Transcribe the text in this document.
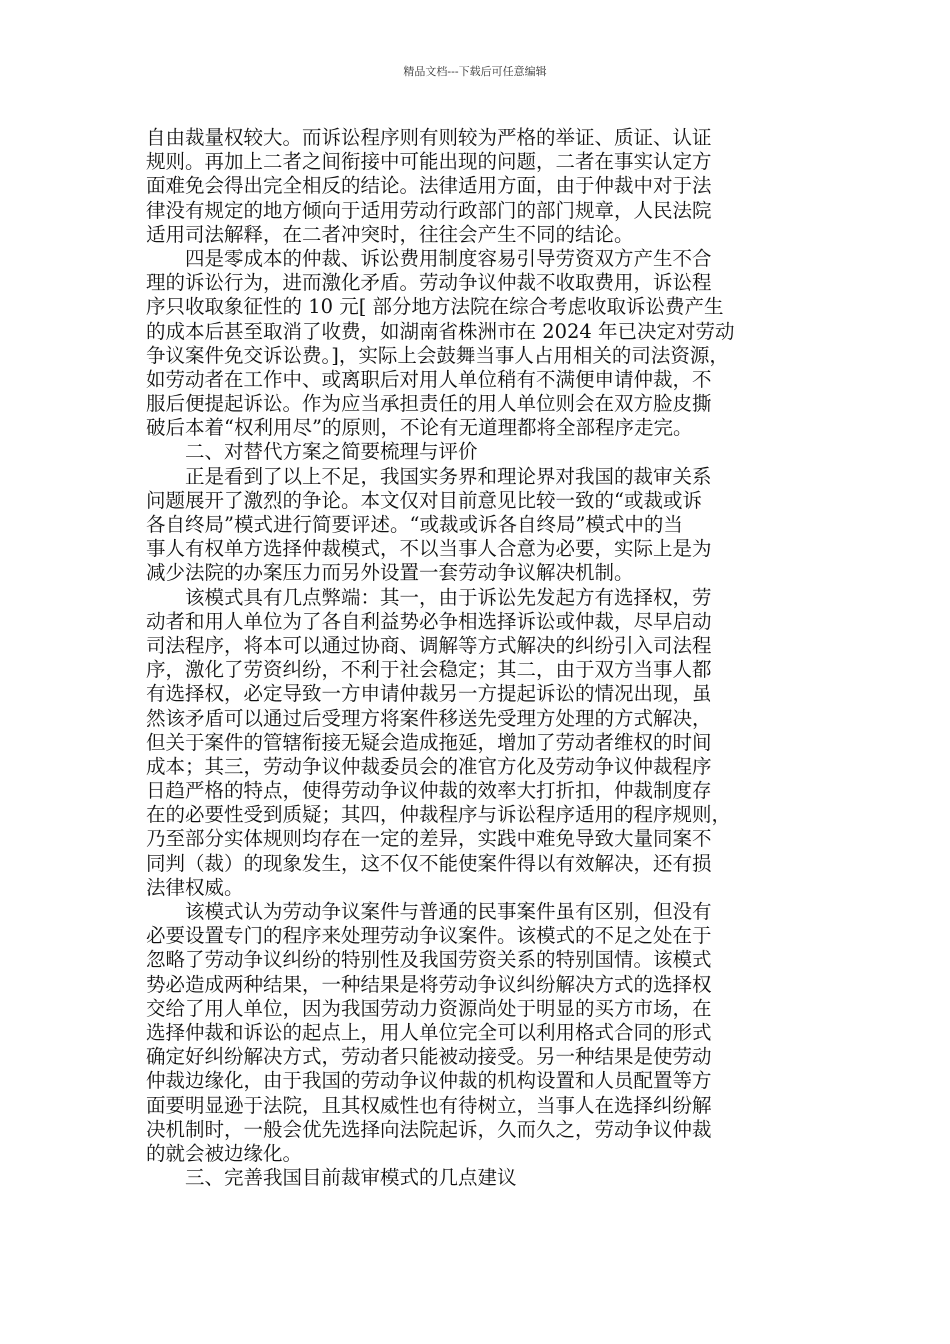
精品文档---下载后可任意编辑
自由裁量权较大。而诉讼程序则有则较为严格的举证、质证、认证
规则。再加上二者之间衔接中可能出现的问题，二者在事实认定方
面难免会得出完全相反的结论。法律适用方面，由于仲裁中对于法
律没有规定的地方倾向于适用劳动行政部门的部门规章，人民法院
适用司法解释，在二者冲突时，往往会产生不同的结论。
四是零成本的仲裁、诉讼费用制度容易引导劳资双方产生不合
理的诉讼行为，进而激化矛盾。劳动争议仲裁不收取费用，诉讼程
序只收取象征性的 10 元[ 部分地方法院在综合考虑收取诉讼费产生
的成本后甚至取消了收费，如湖南省株洲市在 2024 年已决定对劳动
争议案件免交诉讼费。]，实际上会鼓舞当事人占用相关的司法资源，
如劳动者在工作中、或离职后对用人单位稍有不满便申请仲裁，不
服后便提起诉讼。作为应当承担责任的用人单位则会在双方脸皮撕
破后本着“权利用尽”的原则，不论有无道理都将全部程序走完。
二、对替代方案之简要梳理与评价
正是看到了以上不足，我国实务界和理论界对我国的裁审关系
问题展开了激烈的争论。本文仅对目前意见比较一致的“或裁或诉
各自终局”模式进行简要评述。“或裁或诉各自终局”模式中的当
事人有权单方选择仲裁模式，不以当事人合意为必要，实际上是为
减少法院的办案压力而另外设置一套劳动争议解决机制。
该模式具有几点弊端：其一，由于诉讼先发起方有选择权，劳
动者和用人单位为了各自利益势必争相选择诉讼或仲裁，尽早启动
司法程序，将本可以通过协商、调解等方式解决的纠纷引入司法程
序，激化了劳资纠纷，不利于社会稳定；其二，由于双方当事人都
有选择权，必定导致一方申请仲裁另一方提起诉讼的情况出现，虽
然该矛盾可以通过后受理方将案件移送先受理方处理的方式解决，
但关于案件的管辖衔接无疑会造成拖延，增加了劳动者维权的时间
成本；其三，劳动争议仲裁委员会的准官方化及劳动争议仲裁程序
日趋严格的特点，使得劳动争议仲裁的效率大打折扣，仲裁制度存
在的必要性受到质疑；其四，仲裁程序与诉讼程序适用的程序规则，
乃至部分实体规则均存在一定的差异，实践中难免导致大量同案不
同判（裁）的现象发生，这不仅不能使案件得以有效解决，还有损
法律权威。
该模式认为劳动争议案件与普通的民事案件虽有区别，但没有
必要设置专门的程序来处理劳动争议案件。该模式的不足之处在于
忽略了劳动争议纠纷的特别性及我国劳资关系的特别国情。该模式
势必造成两种结果，一种结果是将劳动争议纠纷解决方式的选择权
交给了用人单位，因为我国劳动力资源尚处于明显的买方市场，在
选择仲裁和诉讼的起点上，用人单位完全可以利用格式合同的形式
确定好纠纷解决方式，劳动者只能被动接受。另一种结果是使劳动
仲裁边缘化，由于我国的劳动争议仲裁的机构设置和人员配置等方
面要明显逊于法院，且其权威性也有待树立，当事人在选择纠纷解
决机制时，一般会优先选择向法院起诉，久而久之，劳动争议仲裁
的就会被边缘化。
三、完善我国目前裁审模式的几点建议
